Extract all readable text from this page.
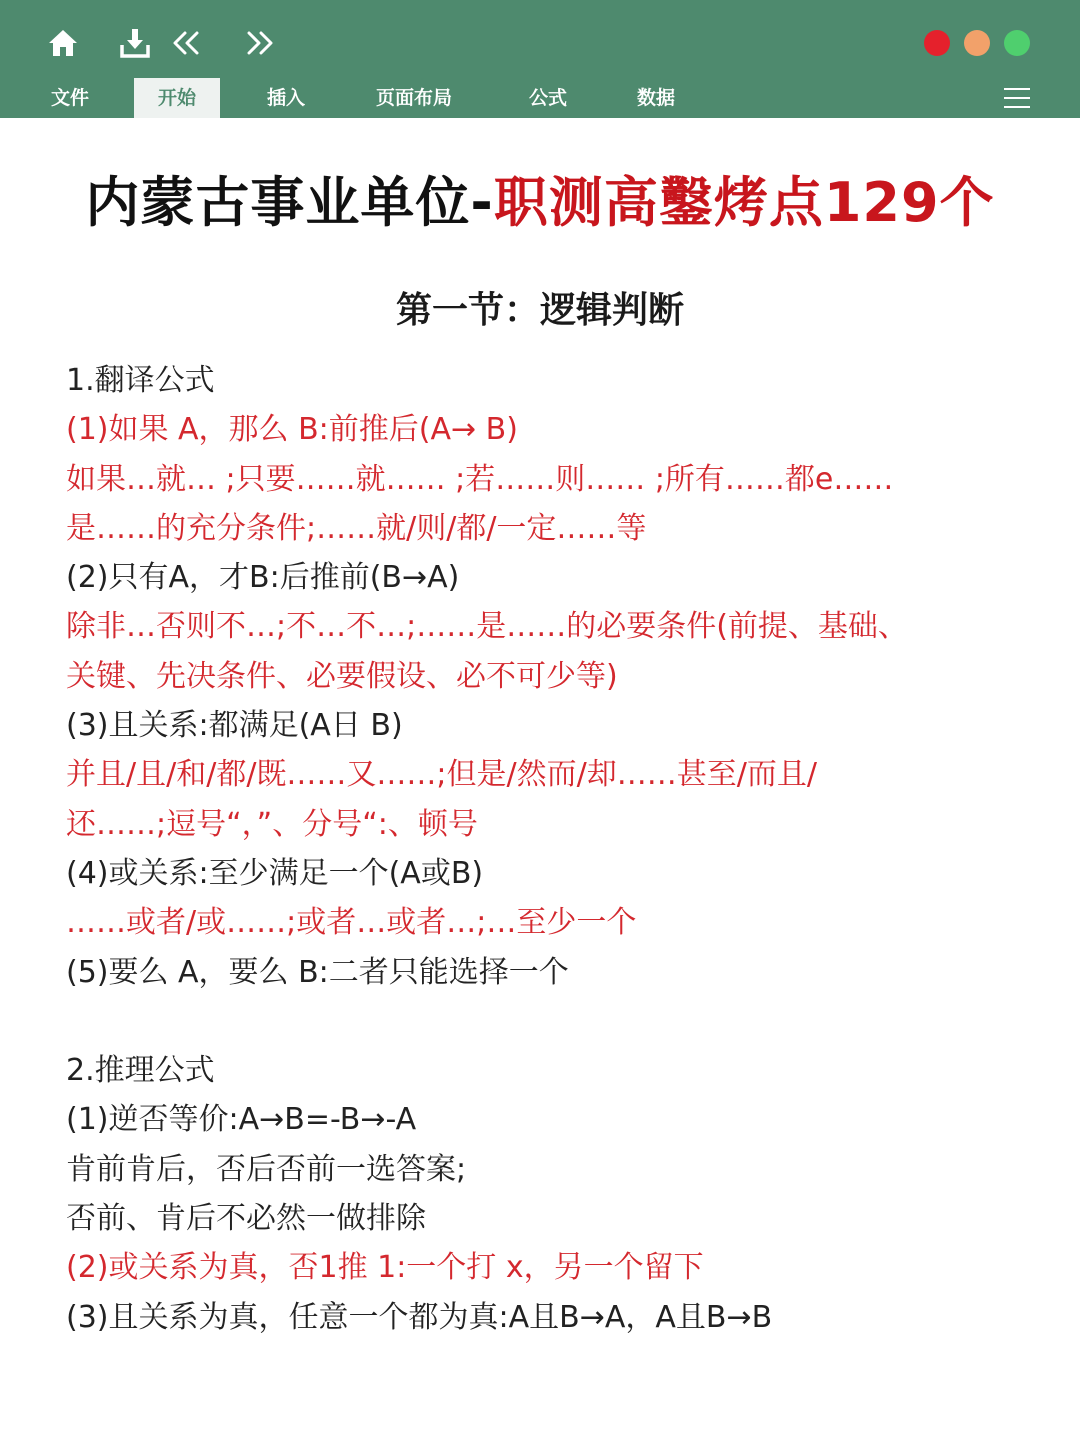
文件	开始	插入	页面布局	公式	数据
内蒙古事业单位-职测高鑿烤点129个
第一节：逻辑判断
1.翻译公式
(1)如果 A，那么 B:前推后(A→ B)
如果…就… ;只要……就…… ;若……则…… ;所有……都e……
是……的充分条件;……就/则/都/一定……等
(2)只有A，才B:后推前(B→A)
除非…否则不…;不…不…;……是……的必要条件(前提、基础、
关键、先决条件、必要假设、必不可少等)
(3)且关系:都满足(A日 B)
并且/且/和/都/既……又……;但是/然而/却……甚至/而且/
还……;逗号“，”、分号“:、顿号
(4)或关系:至少满足一个(A或B)
……或者/或……;或者…或者…;…至少一个
(5)要么 A，要么 B:二者只能选择一个
2.推理公式
(1)逆否等价:A→B=-B→-A
肯前肯后，否后否前一选答案;
否前、肯后不必然一做排除
(2)或关系为真，否1推 1:一个打 x，另一个留下
(3)且关系为真，任意一个都为真:A且B→A，A且B→B
